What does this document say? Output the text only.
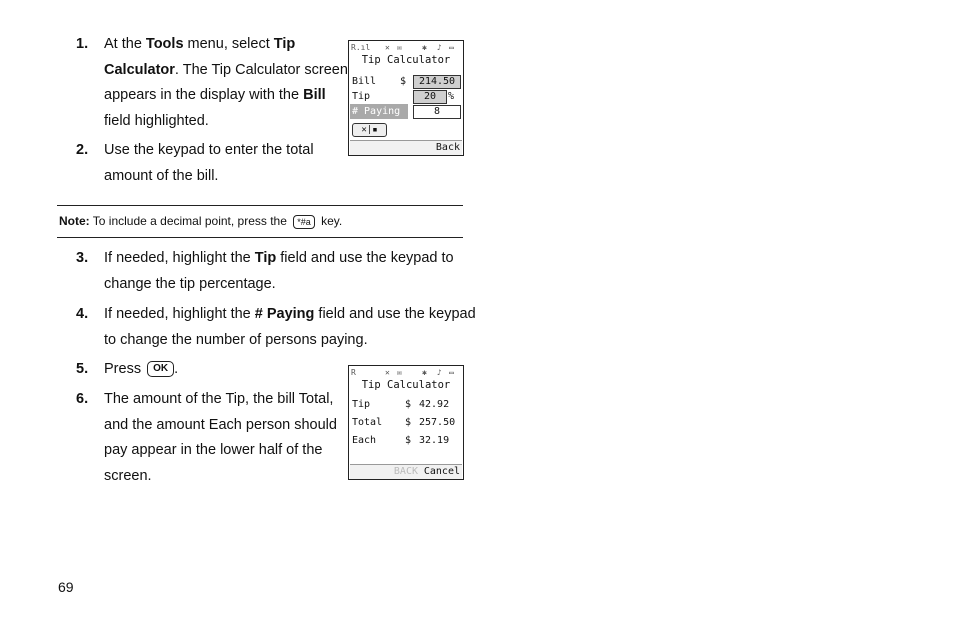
1. At the Tools menu, select Tip
Calculator. The Tip Calculator screen
appears in the display with the Bill
field highlighted.
2. Use the keypad to enter the total
amount of the bill.
Note: To include a decimal point, press the *#a key.
3. If needed, highlight the Tip field and use the keypad to
change the tip percentage.
4. If needed, highlight the # Paying field and use the keypad
to change the number of persons paying.
5. Press OK .
6. The amount of the Tip, the bill Total,
and the amount Each person should
pay appear in the lower half of the
screen.
R.ıl ✕ ✉	✱ ♪ ▭
Tip Calculator
Bill $	214.50
Tip	20	%
# Paying	8
✕|▪
Back
R	✕ ✉	✱ ♪ ▭
Tip Calculator
Tip	$ 42.92
Total $ 257.50
Each	$ 32.19
BACK Cancel
69
